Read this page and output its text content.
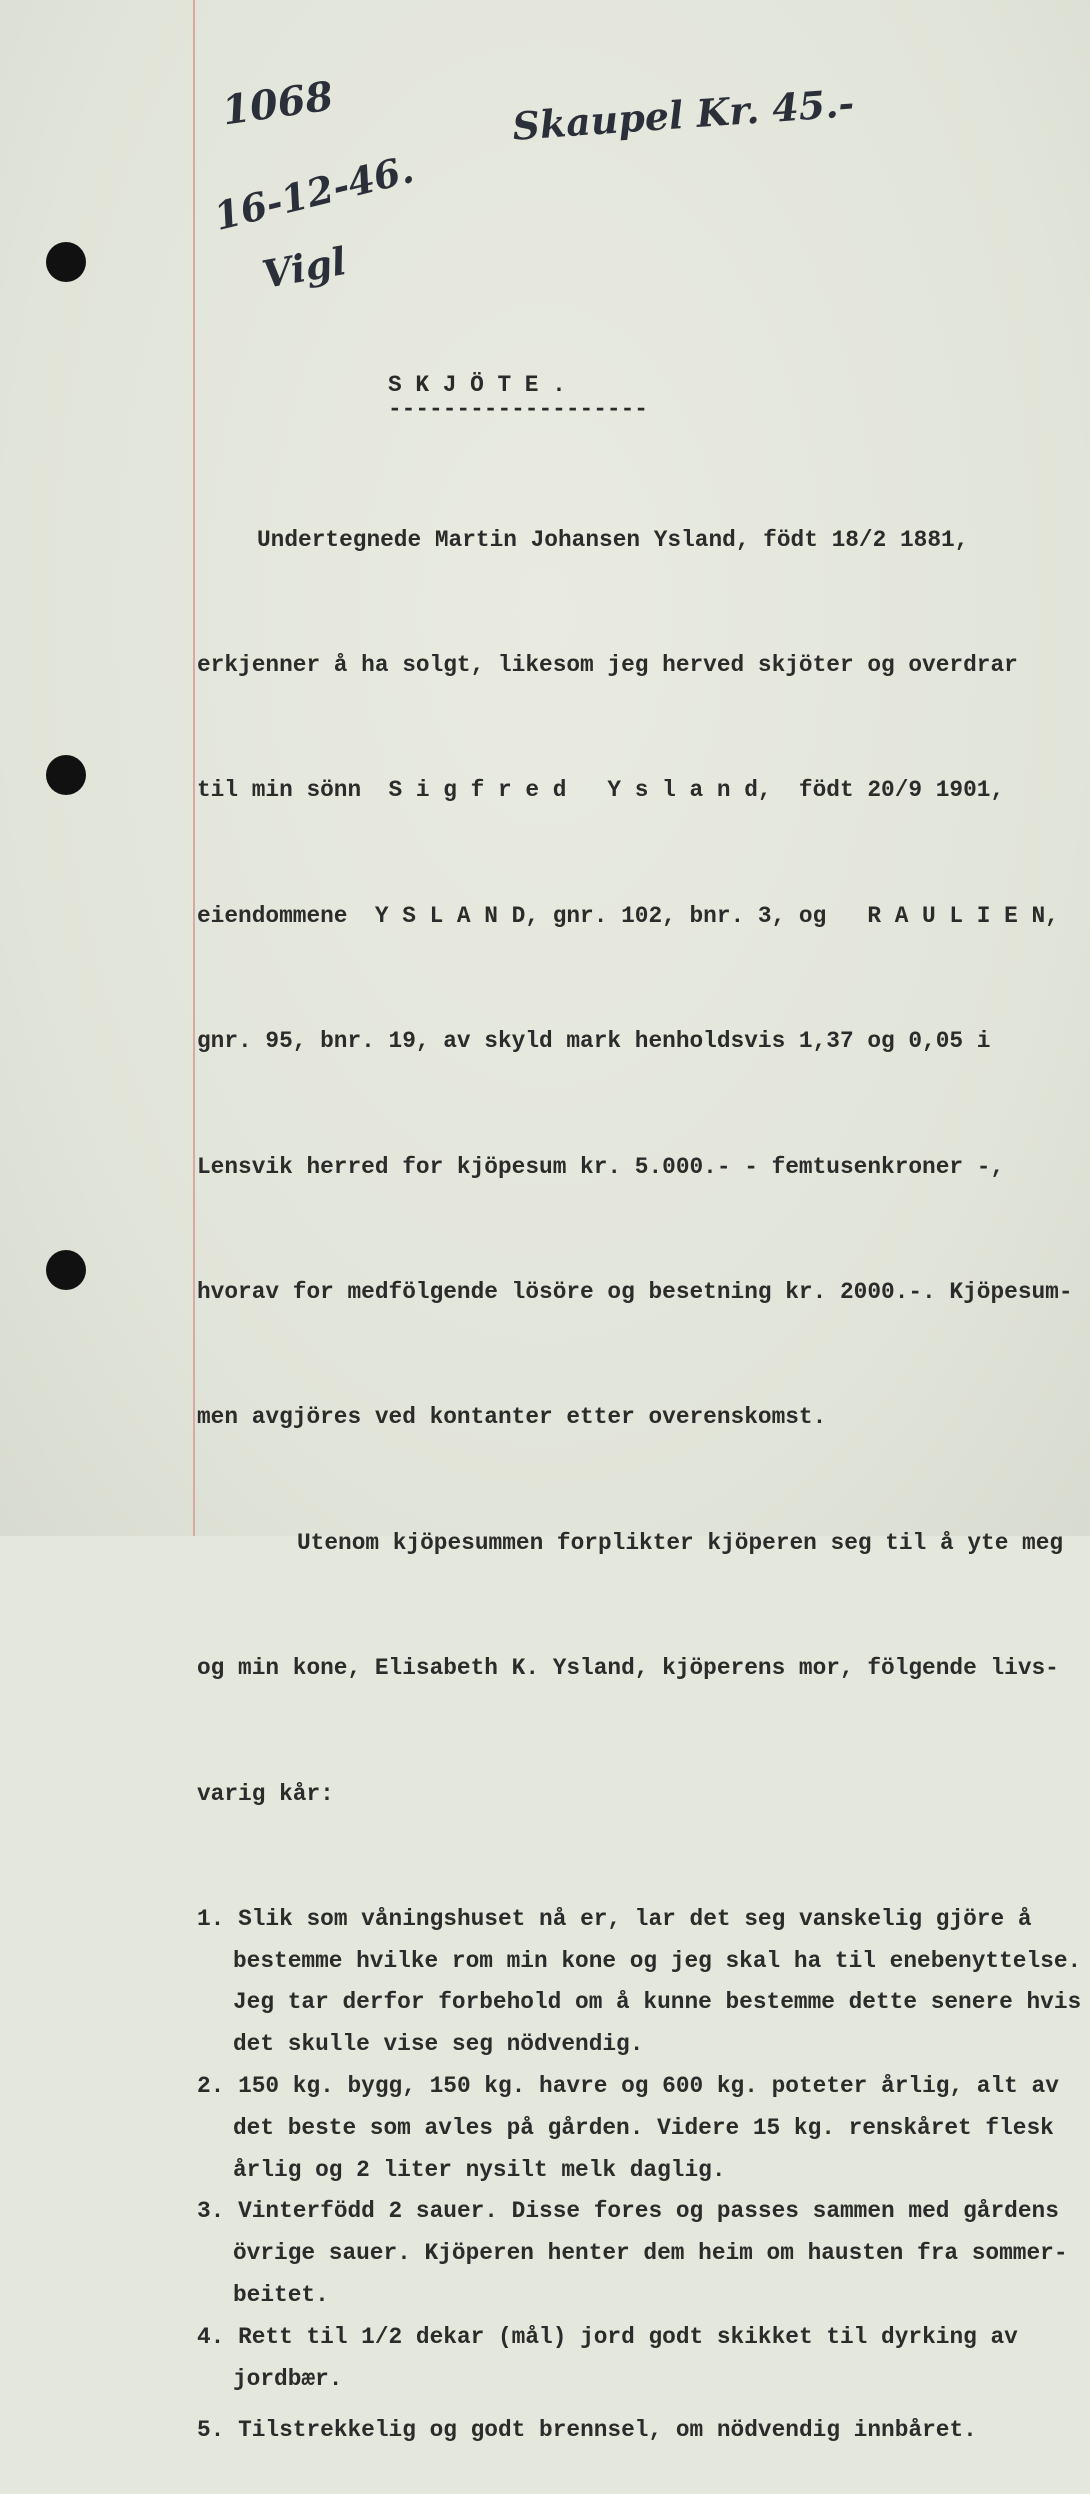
1068
16-12-46.
Vigl
Skaupel Kr. 45.-
S K J Ö T E .
-------------------

Undertegnede Martin Johansen Ysland, födt 18/2 1881,

erkjenner å ha solgt, likesom jeg herved skjöter og overdrar

til min sönn  S i g f r e d   Y s l a n d,  födt 20/9 1901,

eiendommene  Y S L A N D, gnr. 102, bnr. 3, og   R A U L I E N,

gnr. 95, bnr. 19, av skyld mark henholdsvis 1,37 og 0,05 i

Lensvik herred for kjöpesum kr. 5.000.- - femtusenkroner -,

hvorav for medfölgende lösöre og besetning kr. 2000.-. Kjöpesum-

men avgjöres ved kontanter etter overenskomst.

Utenom kjöpesummen forplikter kjöperen seg til å yte meg

og min kone, Elisabeth K. Ysland, kjöperens mor, fölgende livs-

varig kår:

1. Slik som våningshuset nå er, lar det seg vanskelig gjöre å
bestemme hvilke rom min kone og jeg skal ha til enebenyttelse.
Jeg tar derfor forbehold om å kunne bestemme dette senere hvis
det skulle vise seg nödvendig.
2. 150 kg. bygg, 150 kg. havre og 600 kg. poteter årlig, alt av
det beste som avles på gården. Videre 15 kg. renskåret flesk
årlig og 2 liter nysilt melk daglig.
3. Vinterfödd 2 sauer. Disse fores og passes sammen med gårdens
övrige sauer. Kjöperen henter dem heim om hausten fra sommer-
beitet.
4. Rett til 1/2 dekar (mål) jord godt skikket til dyrking av
jordbær.
5. Tilstrekkelig og godt brennsel, om nödvendig innbåret.
